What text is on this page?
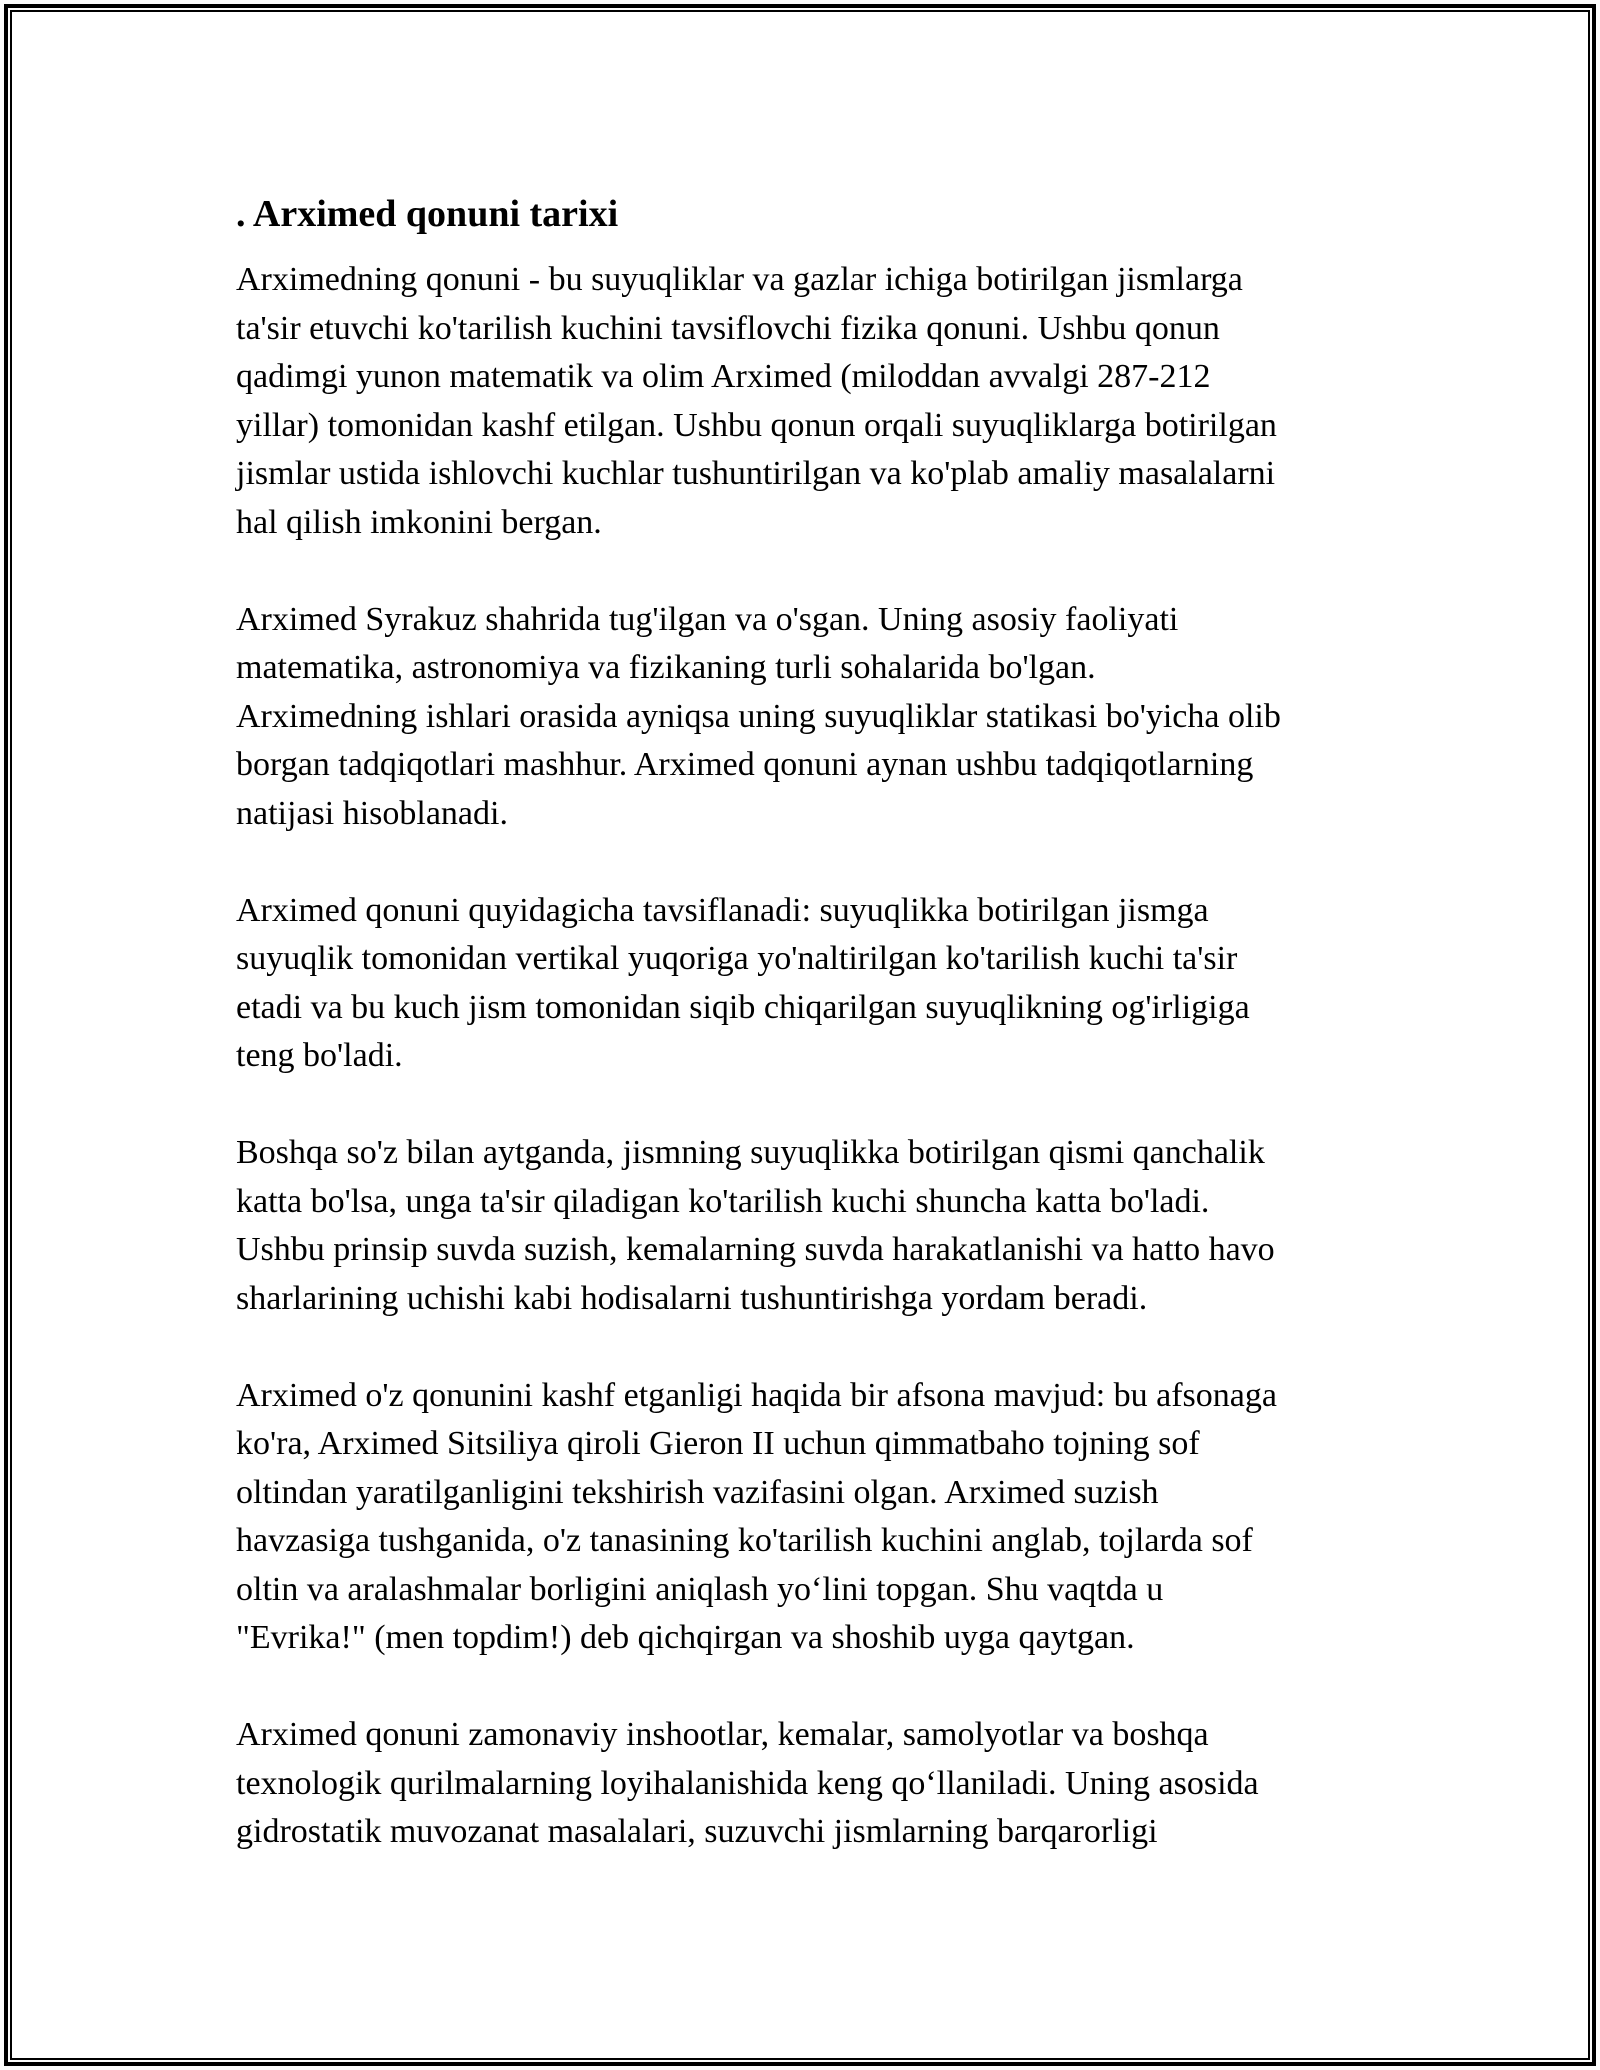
. Arximed qonuni tarixi
Arximedning qonuni - bu suyuqliklar va gazlar ichiga botirilgan jismlarga
ta'sir etuvchi ko'tarilish kuchini tavsiflovchi fizika qonuni. Ushbu qonun
qadimgi yunon matematik va olim Arximed (miloddan avvalgi 287-212
yillar) tomonidan kashf etilgan. Ushbu qonun orqali suyuqliklarga botirilgan
jismlar ustida ishlovchi kuchlar tushuntirilgan va ko'plab amaliy masalalarni
hal qilish imkonini bergan.
Arximed Syrakuz shahrida tug'ilgan va o'sgan. Uning asosiy faoliyati
matematika, astronomiya va fizikaning turli sohalarida bo'lgan.
Arximedning ishlari orasida ayniqsa uning suyuqliklar statikasi bo'yicha olib
borgan tadqiqotlari mashhur. Arximed qonuni aynan ushbu tadqiqotlarning
natijasi hisoblanadi.
Arximed qonuni quyidagicha tavsiflanadi: suyuqlikka botirilgan jismga
suyuqlik tomonidan vertikal yuqoriga yo'naltirilgan ko'tarilish kuchi ta'sir
etadi va bu kuch jism tomonidan siqib chiqarilgan suyuqlikning og'irligiga
teng bo'ladi.
Boshqa so'z bilan aytganda, jismning suyuqlikka botirilgan qismi qanchalik
katta bo'lsa, unga ta'sir qiladigan ko'tarilish kuchi shuncha katta bo'ladi.
Ushbu prinsip suvda suzish, kemalarning suvda harakatlanishi va hatto havo
sharlarining uchishi kabi hodisalarni tushuntirishga yordam beradi.
Arximed o'z qonunini kashf etganligi haqida bir afsona mavjud: bu afsonaga
ko'ra, Arximed Sitsiliya qiroli Gieron II uchun qimmatbaho tojning sof
oltindan yaratilganligini tekshirish vazifasini olgan. Arximed suzish
havzasiga tushganida, o'z tanasining ko'tarilish kuchini anglab, tojlarda sof
oltin va aralashmalar borligini aniqlash yo‘lini topgan. Shu vaqtda u
"Evrika!" (men topdim!) deb qichqirgan va shoshib uyga qaytgan.
Arximed qonuni zamonaviy inshootlar, kemalar, samolyotlar va boshqa
texnologik qurilmalarning loyihalanishida keng qo‘llaniladi. Uning asosida
gidrostatik muvozanat masalalari, suzuvchi jismlarning barqarorligi
